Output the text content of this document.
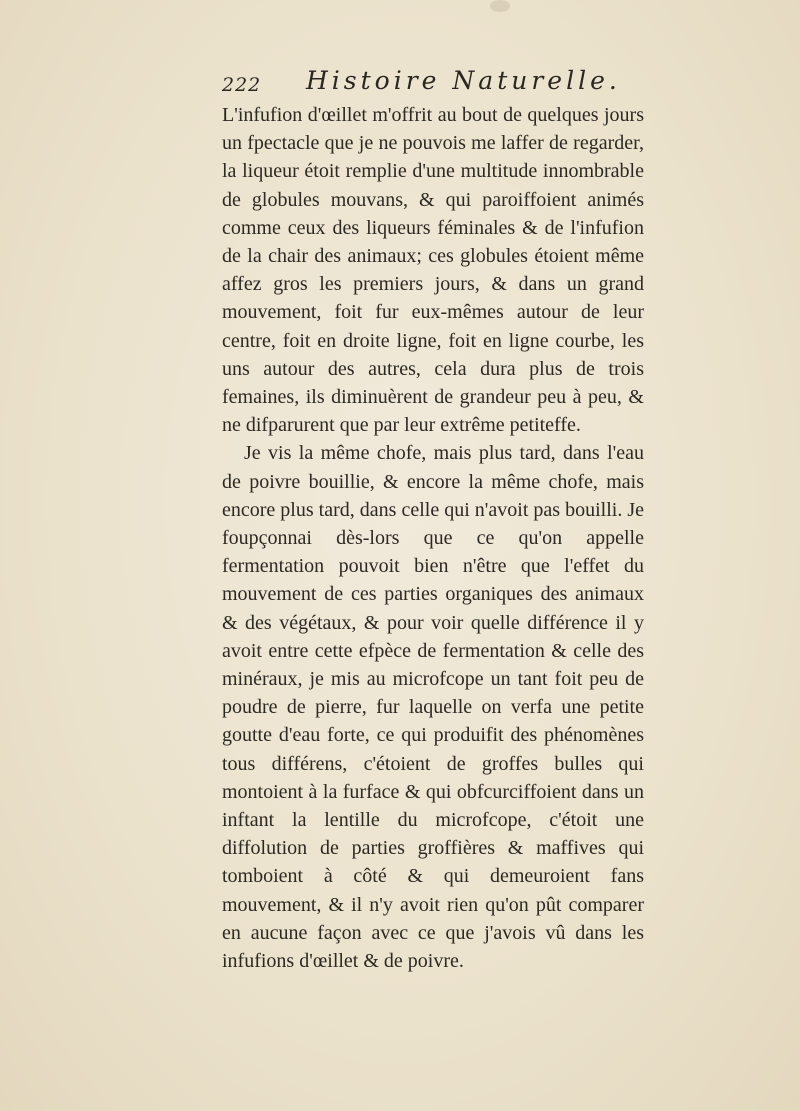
222 Histoire Naturelle.

L'infufion d'œillet m'offrit au bout de quelques jours un fpectacle que je ne pouvois me laffer de regarder, la liqueur étoit remplie d'une multitude innombrable de globules mouvans, & qui paroiffoient animés comme ceux des liqueurs féminales & de l'infufion de la chair des animaux; ces globules étoient même affez gros les premiers jours, & dans un grand mouvement, foit fur eux-mêmes autour de leur centre, foit en droite ligne, foit en ligne courbe, les uns autour des autres, cela dura plus de trois femaines, ils diminuèrent de grandeur peu à peu, & ne difparurent que par leur extrême petiteffe.

Je vis la même chofe, mais plus tard, dans l'eau de poivre bouillie, & encore la même chofe, mais encore plus tard, dans celle qui n'avoit pas bouilli. Je foupçonnai dès-lors que ce qu'on appelle fermentation pouvoit bien n'être que l'effet du mouvement de ces parties organiques des animaux & des végétaux, & pour voir quelle différence il y avoit entre cette efpèce de fermentation & celle des minéraux, je mis au microfcope un tant foit peu de poudre de pierre, fur laquelle on verfa une petite goutte d'eau forte, ce qui produifit des phénomènes tous différens, c'étoient de groffes bulles qui montoient à la furface & qui obfcurciffoient dans un inftant la lentille du microfcope, c'étoit une diffolution de parties groffières & maffives qui tomboient à côté & qui demeuroient fans mouvement, & il n'y avoit rien qu'on pût comparer en aucune façon avec ce que j'avois vû dans les infufions d'œillet & de poivre.
